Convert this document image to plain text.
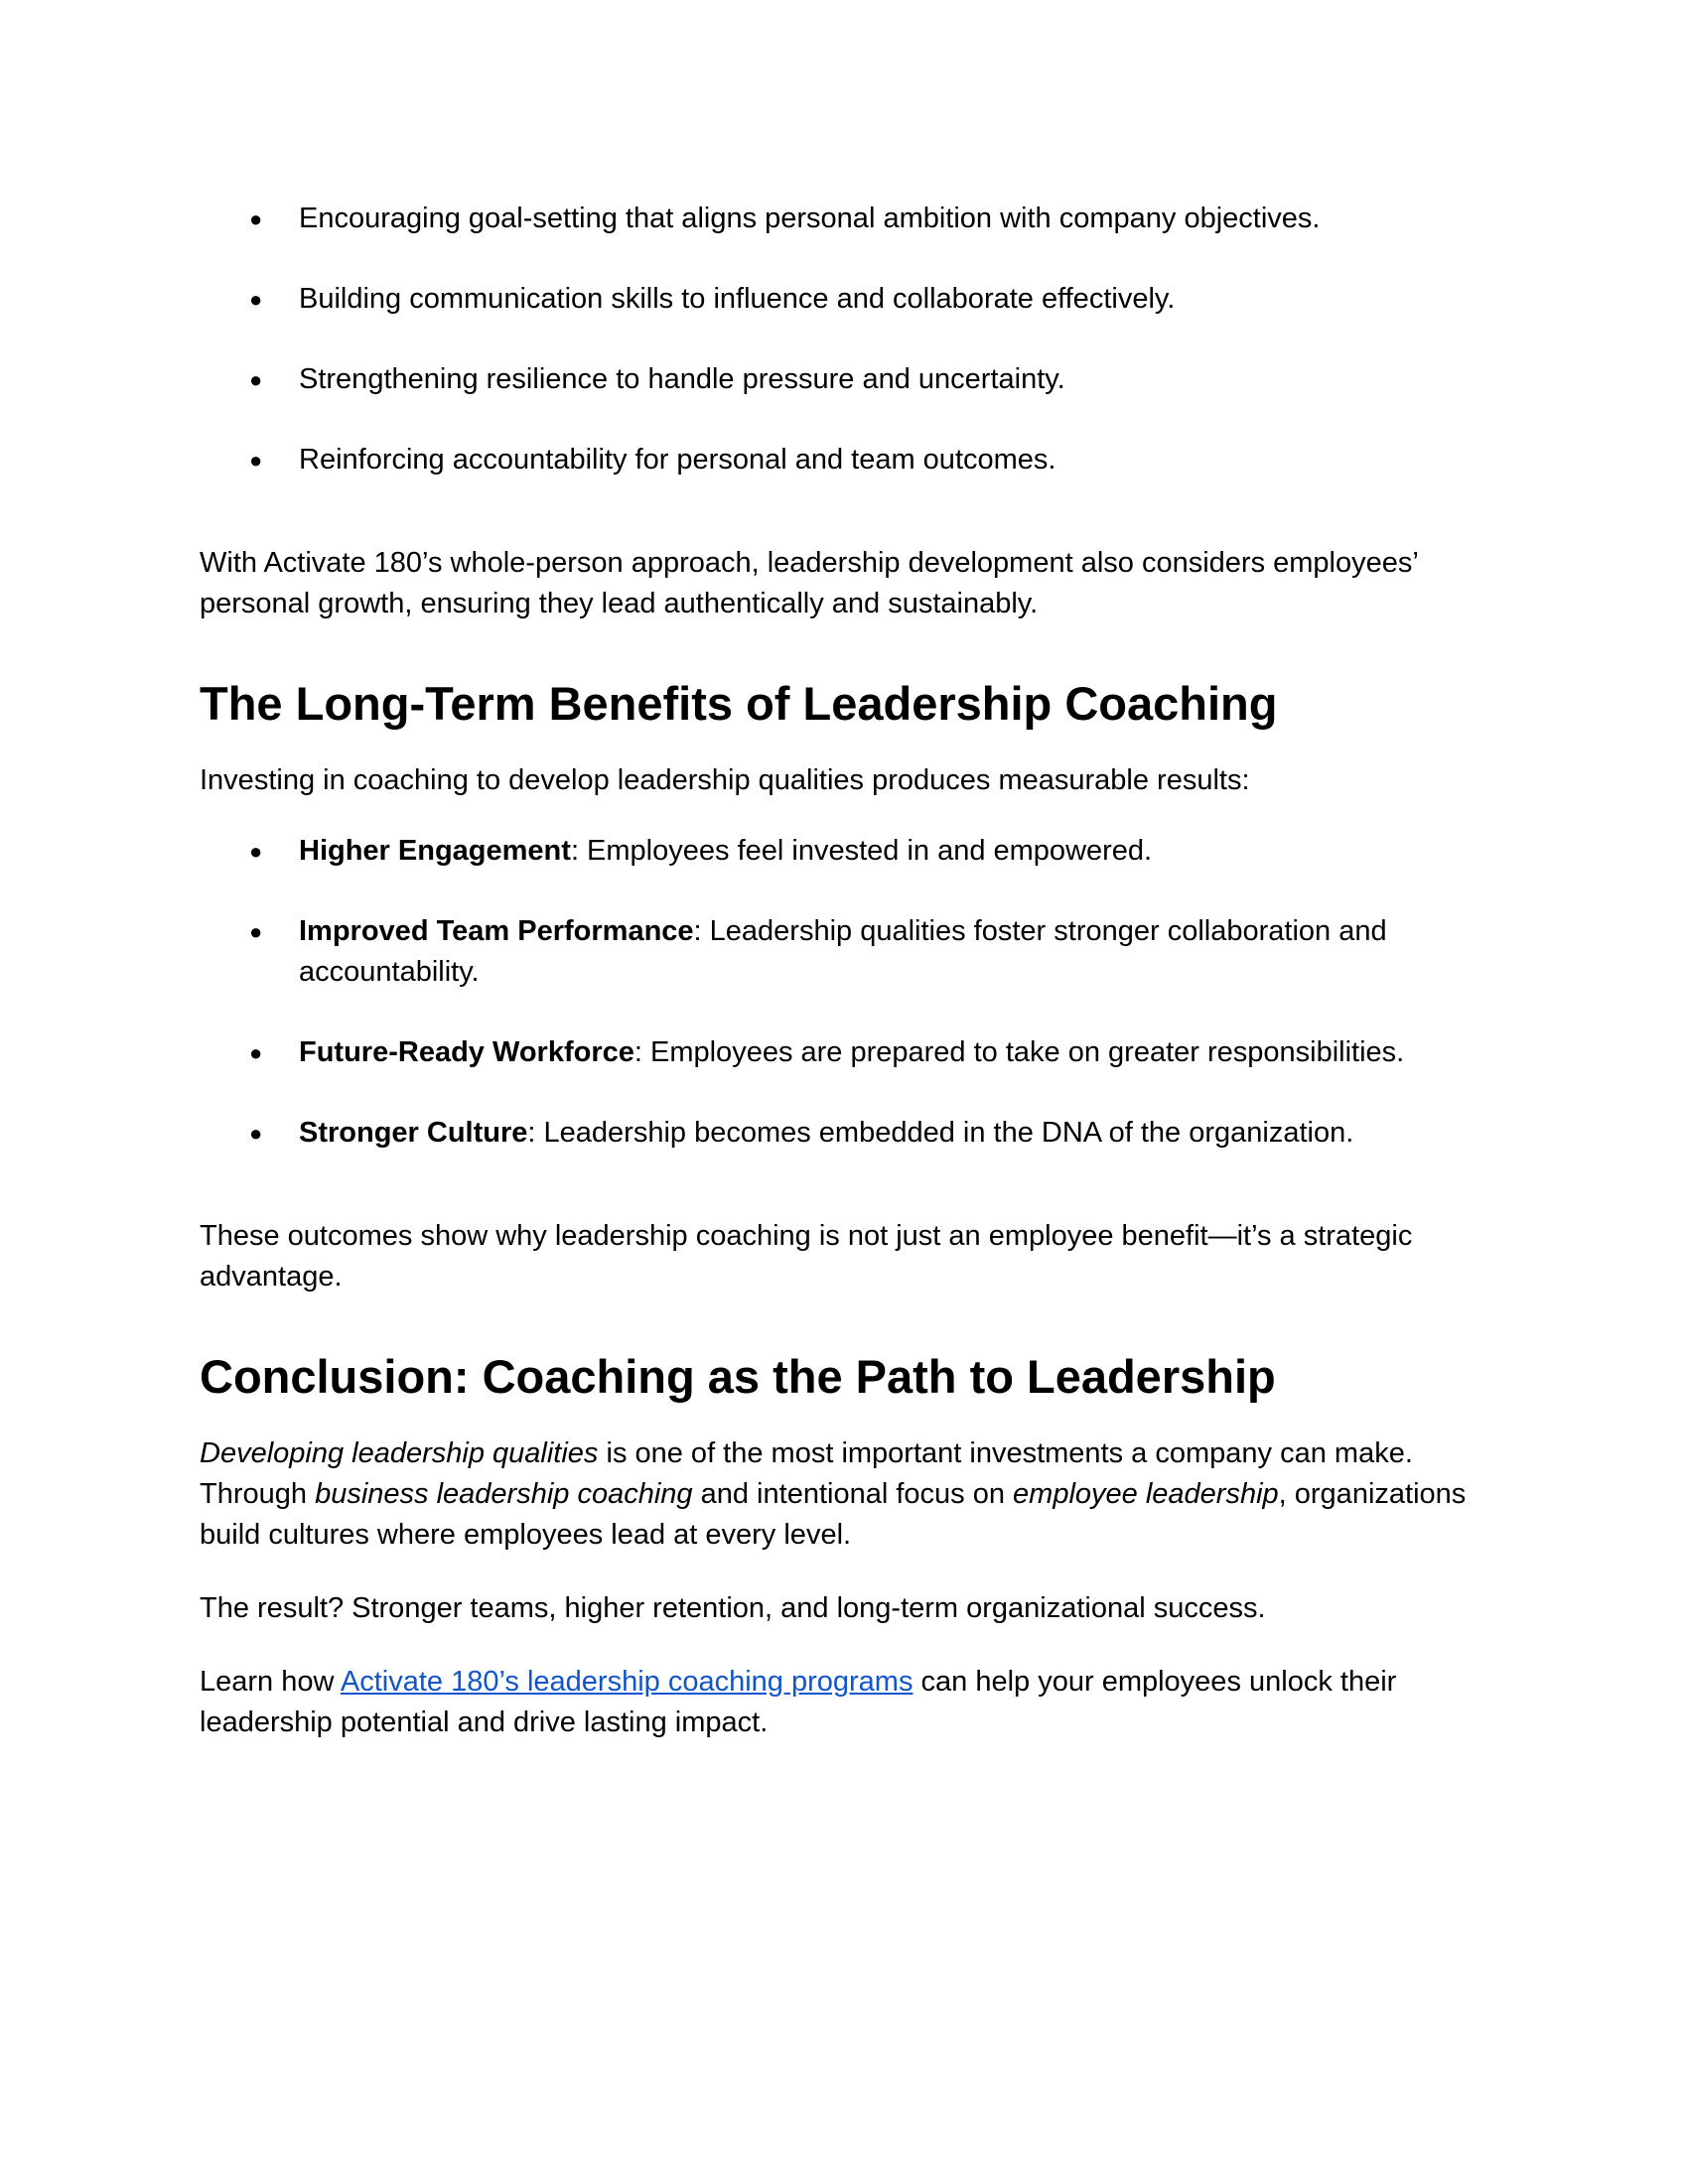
● Encouraging goal-setting that aligns personal ambition with company objectives.
● Building communication skills to influence and collaborate effectively.
● Strengthening resilience to handle pressure and uncertainty.
● Reinforcing accountability for personal and team outcomes.

With Activate 180’s whole-person approach, leadership development also considers employees’ personal growth, ensuring they lead authentically and sustainably.

The Long-Term Benefits of Leadership Coaching

Investing in coaching to develop leadership qualities produces measurable results:

● Higher Engagement: Employees feel invested in and empowered.
● Improved Team Performance: Leadership qualities foster stronger collaboration and accountability.
● Future-Ready Workforce: Employees are prepared to take on greater responsibilities.
● Stronger Culture: Leadership becomes embedded in the DNA of the organization.

These outcomes show why leadership coaching is not just an employee benefit—it’s a strategic advantage.

Conclusion: Coaching as the Path to Leadership

Developing leadership qualities is one of the most important investments a company can make. Through business leadership coaching and intentional focus on employee leadership, organizations build cultures where employees lead at every level.

The result? Stronger teams, higher retention, and long-term organizational success.

Learn how Activate 180’s leadership coaching programs can help your employees unlock their leadership potential and drive lasting impact.
